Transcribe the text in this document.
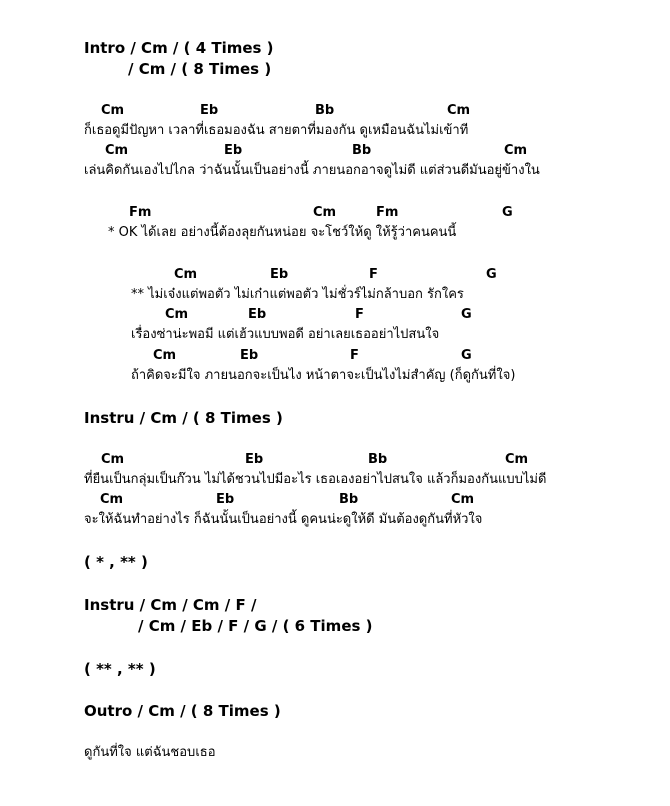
Intro / Cm / ( 4 Times )
/ Cm / ( 8 Times )
Cm	Eb	Bb	Cm
ก็เธอดูมีปัญหา เวลาที่เธอมองฉัน สายตาที่มองกัน ดูเหมือนฉันไม่เข้าที
Cm	Eb	Bb	Cm
เล่นคิดกันเองไปไกล ว่าฉันนั้นเป็นอย่างนี้ ภายนอกอาจดูไม่ดี แต่ส่วนดีมันอยู่ข้างใน
Fm	Cm	Fm	G
* OK ได้เลย อย่างนี้ต้องลุยกันหน่อย จะโชว์ให้ดู ให้รู้ว่าคนคนนี้
Cm	Eb	F	G
** ไม่เจ๋งแต่พอตัว ไม่เก๋าแต่พอตัว ไม่ชั่วร์ไม่กล้าบอก รักใคร
Cm	Eb	F	G
เรื่องซ่าน่ะพอมี แต่เฮ้วแบบพอดี อย่าเลยเธออย่าไปสนใจ
Cm	Eb	F	G
ถ้าคิดจะมีใจ ภายนอกจะเป็นไง หน้าตาจะเป็นไงไม่สำคัญ (ก็ดูกันที่ใจ)
Instru / Cm / ( 8 Times )
Cm	Eb	Bb	Cm
ที่ยืนเป็นกลุ่มเป็นก๊วน ไม่ได้ชวนไปมีอะไร เธอเองอย่าไปสนใจ แล้วก็มองกันแบบไม่ดี
Cm	Eb	Bb	Cm
จะให้ฉันทำอย่างไร ก็ฉันนั้นเป็นอย่างนี้ ดูคนน่ะดูให้ดี มันต้องดูกันที่หัวใจ
( * , ** )
Instru / Cm / Cm / F /
/ Cm / Eb / F / G / ( 6 Times )
( ** , ** )
Outro / Cm / ( 8 Times )
ดูกันที่ใจ แต่ฉันชอบเธอ
